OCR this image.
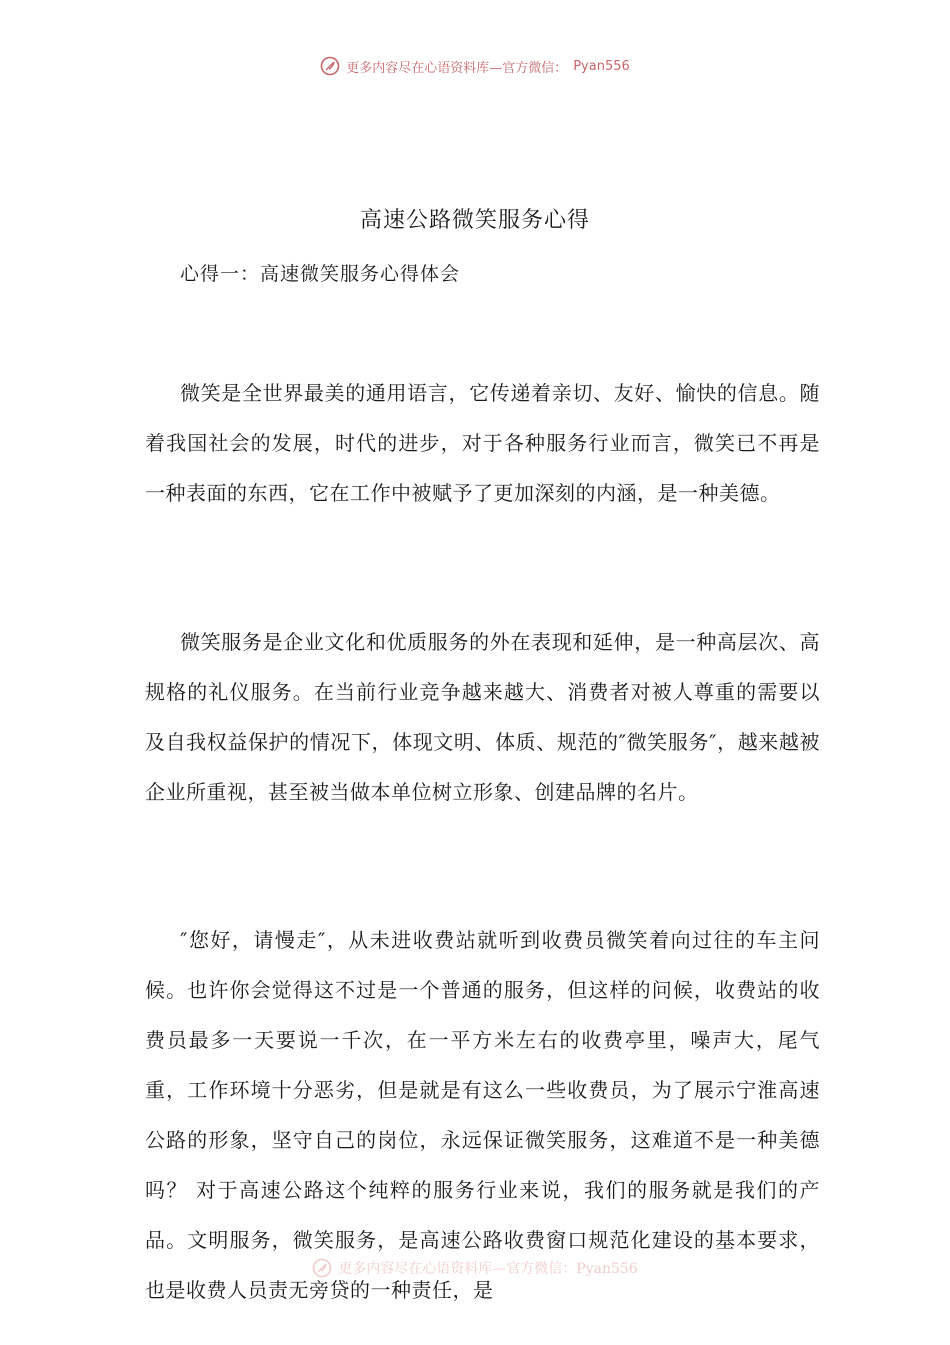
更多内容尽在心语资料库—官方微信： Pyan556
高速公路微笑服务心得
心得一：高速微笑服务心得体会

微笑是全世界最美的通用语言，它传递着亲切、友好、愉快的信息。随着我国社会的发展，时代的进步，对于各种服务行业而言，微笑已不再是一种表面的东西，它在工作中被赋予了更加深刻的内涵，是一种美德。

微笑服务是企业文化和优质服务的外在表现和延伸，是一种高层次、高规格的礼仪服务。在当前行业竞争越来越大、消费者对被人尊重的需要以及自我权益保护的情况下，体现文明、体质、规范的″微笑服务″，越来越被企业所重视，甚至被当做本单位树立形象、创建品牌的名片。

″您好，请慢走″，从未进收费站就听到收费员微笑着向过往的车主问候。也许你会觉得这不过是一个普通的服务，但这样的问候，收费站的收费员最多一天要说一千次，在一平方米左右的收费亭里，噪声大，尾气重，工作环境十分恶劣，但是就是有这么一些收费员，为了展示宁淮高速公路的形象，坚守自己的岗位，永远保证微笑服务，这难道不是一种美德吗？ 对于高速公路这个纯粹的服务行业来说，我们的服务就是我们的产品。文明服务，微笑服务，是高速公路收费窗口规范化建设的基本要求，也是收费人员责无旁贷的一种责任，是

更多内容尽在心语资料库—官方微信：Pyan556
